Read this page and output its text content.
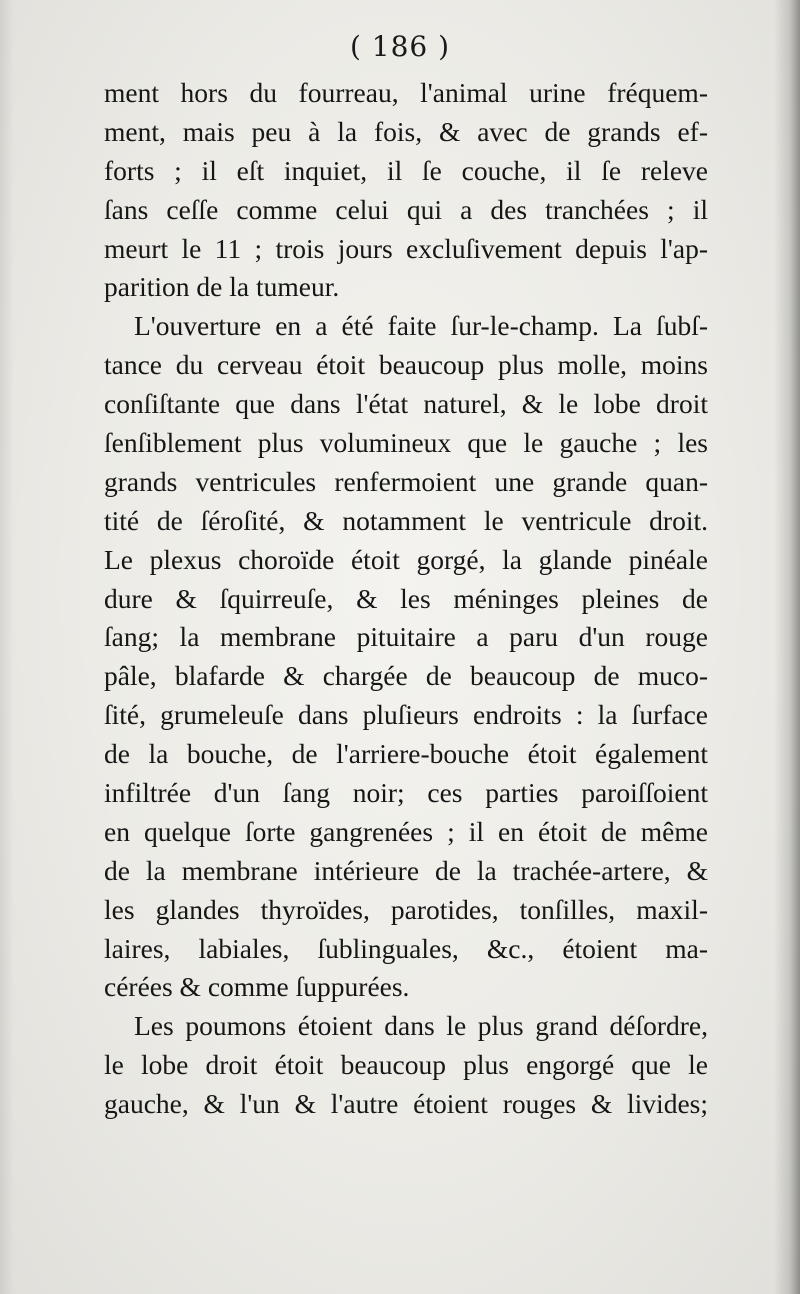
( 186 )
ment hors du fourreau, l'animal urine fréquem-
ment, mais peu à la fois, & avec de grands ef-
forts ; il eſt inquiet, il ſe couche, il ſe releve
ſans ceſſe comme celui qui a des tranchées ; il
meurt le 11 ; trois jours excluſivement depuis l'ap-
parition de la tumeur.
L'ouverture en a été faite ſur-le-champ. La ſubſ-
tance du cerveau étoit beaucoup plus molle, moins
conſiſtante que dans l'état naturel, & le lobe droit
ſenſiblement plus volumineux que le gauche ; les
grands ventricules renfermoient une grande quan-
tité de ſéroſité, & notamment le ventricule droit.
Le plexus choroïde étoit gorgé, la glande pinéale
dure & ſquirreuſe, & les méninges pleines de
ſang; la membrane pituitaire a paru d'un rouge
pâle, blafarde & chargée de beaucoup de muco-
ſité, grumeleuſe dans pluſieurs endroits : la ſurface
de la bouche, de l'arriere-bouche étoit également
infiltrée d'un ſang noir; ces parties paroiſſoient
en quelque ſorte gangrenées ; il en étoit de même
de la membrane intérieure de la trachée-artere, &
les glandes thyroïdes, parotides, tonſilles, maxil-
laires, labiales, ſublinguales, &c., étoient ma-
cérées & comme ſuppurées.
Les poumons étoient dans le plus grand déſordre,
le lobe droit étoit beaucoup plus engorgé que le
gauche, & l'un & l'autre étoient rouges & livides;
